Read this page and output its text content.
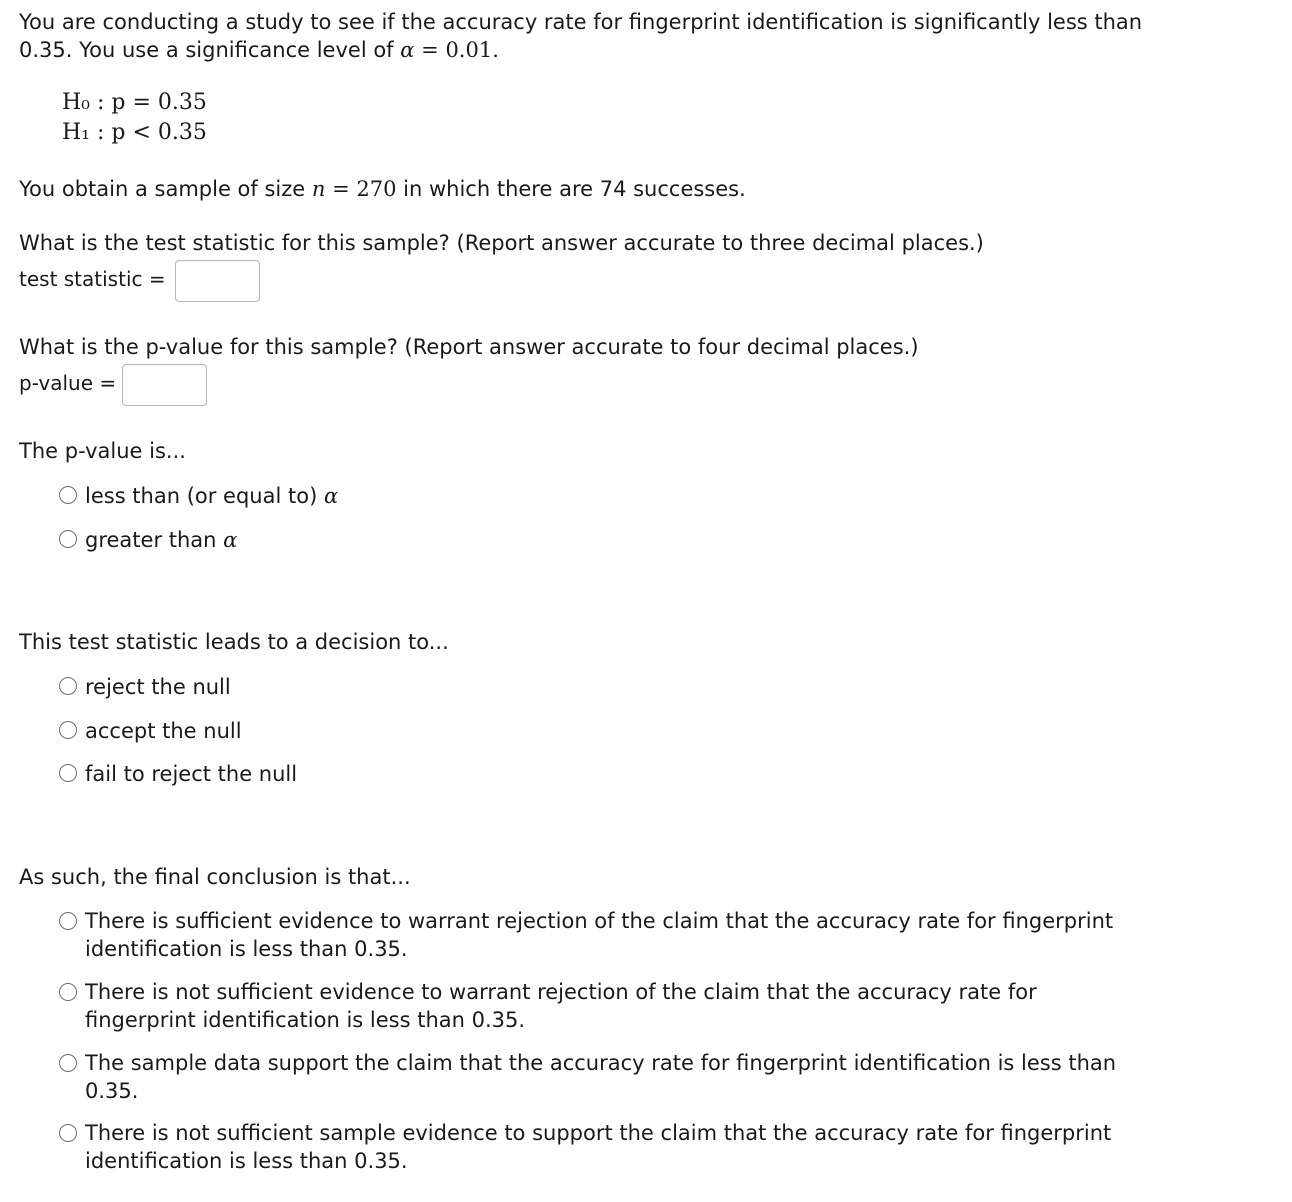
You are conducting a study to see if the accuracy rate for fingerprint identification is significantly less than
0.35. You use a significance level of α = 0.01.
H₀ : p = 0.35
H₁ : p < 0.35
You obtain a sample of size n = 270 in which there are 74 successes.
What is the test statistic for this sample? (Report answer accurate to three decimal places.)
test statistic =
What is the p-value for this sample? (Report answer accurate to four decimal places.)
p-value =
The p-value is...
less than (or equal to) α
greater than α
This test statistic leads to a decision to...
reject the null
accept the null
fail to reject the null
As such, the final conclusion is that...
There is sufficient evidence to warrant rejection of the claim that the accuracy rate for fingerprint identification is less than 0.35.
There is not sufficient evidence to warrant rejection of the claim that the accuracy rate for fingerprint identification is less than 0.35.
The sample data support the claim that the accuracy rate for fingerprint identification is less than 0.35.
There is not sufficient sample evidence to support the claim that the accuracy rate for fingerprint identification is less than 0.35.
